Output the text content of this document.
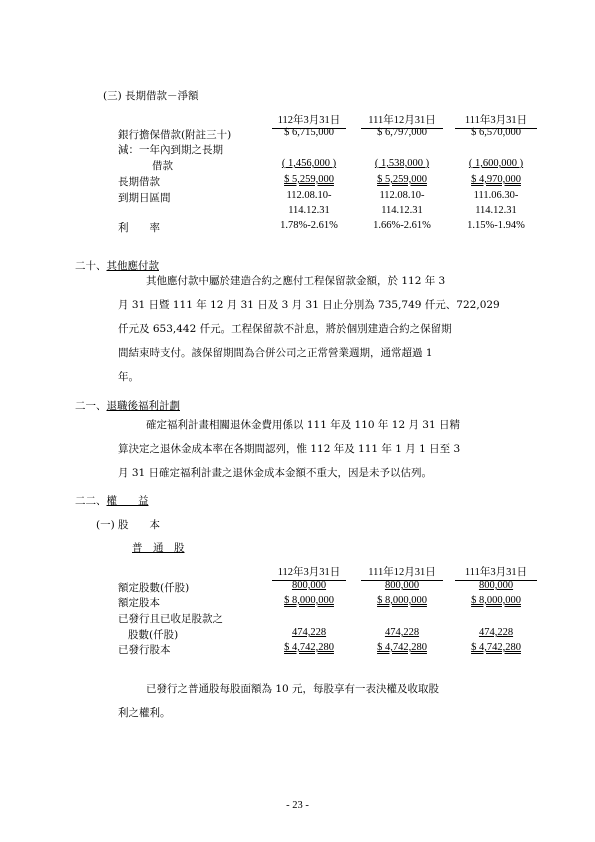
(三) 長期借款－淨額
112年3月31日	111年12月31日	111年3月31日
銀行擔保借款(附註三十)	$ 6,715,000	$ 6,797,000	$ 6,570,000
減：一年內到期之長期
借款	( 1,456,000 )	( 1,538,000 )	( 1,600,000 )
長期借款	$ 5,259,000	$ 5,259,000	$ 4,970,000
到期日區間	112.08.10-	112.08.10-	111.06.30-
114.12.31	114.12.31	114.12.31
利　　率	1.78%-2.61%	1.66%-2.61%	1.15%-1.94%
二十、其他應付款
其他應付款中屬於建造合約之應付工程保留款金額，於 112 年 3
月 31 日暨 111 年 12 月 31 日及 3 月 31 日止分別為 735,749 仟元、722,029
仟元及 653,442 仟元。工程保留款不計息，將於個別建造合約之保留期
間結束時支付。該保留期間為合併公司之正常營業週期，通常超過 1
年。
二一、退職後福利計劃
確定福利計畫相關退休金費用係以 111 年及 110 年 12 月 31 日精
算決定之退休金成本率在各期間認列，惟 112 年及 111 年 1 月 1 日至 3
月 31 日確定福利計畫之退休金成本金額不重大，因是未予以估列。
二二、權　　益
(一) 股　　本
普　通　股
112年3月31日	111年12月31日	111年3月31日
額定股數(仟股)	800,000	800,000	800,000
額定股本	$ 8,000,000	$ 8,000,000	$ 8,000,000
已發行且已收足股款之
股數(仟股)	474,228	474,228	474,228
已發行股本	$ 4,742,280	$ 4,742,280	$ 4,742,280
已發行之普通股每股面額為 10 元，每股享有一表決權及收取股
利之權利。
- 23 -
